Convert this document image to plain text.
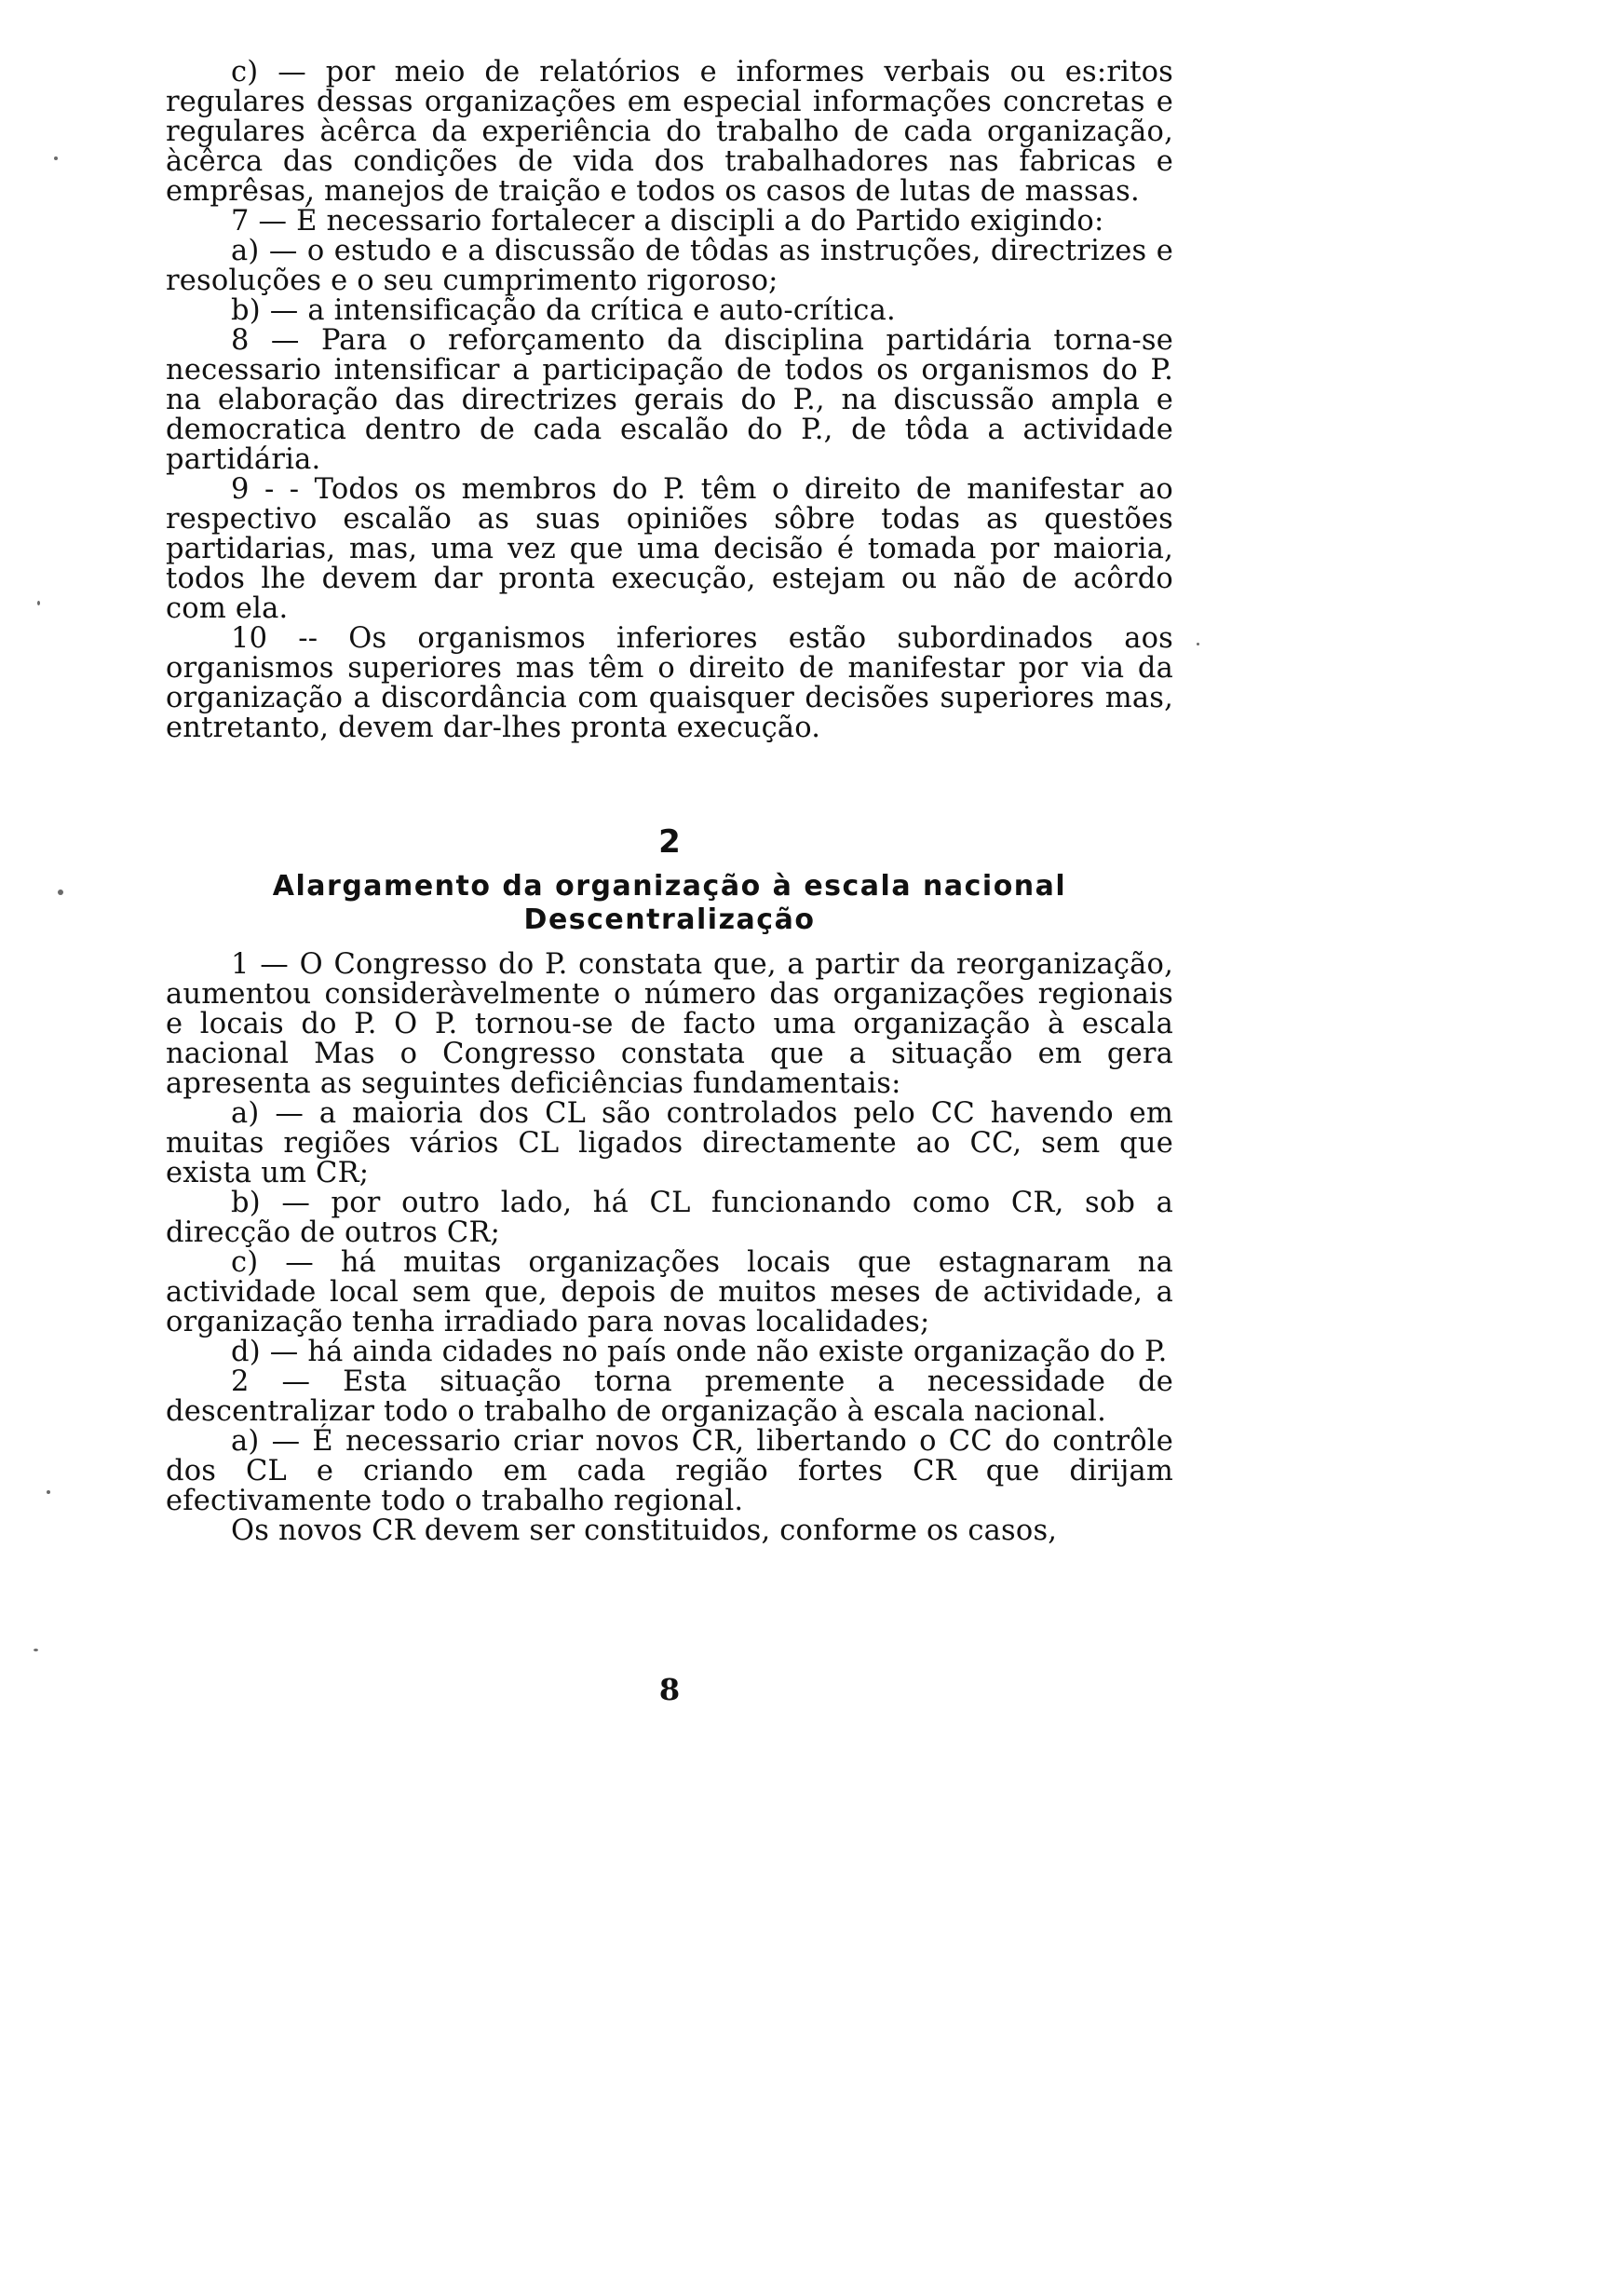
c) — por meio de relatórios e informes verbais ou es:ritos regulares dessas organizações em especial informações concretas e regulares àcêrca da experiência do trabalho de cada organização, àcêrca das condições de vida dos trabalhadores nas fabricas e emprêsas, manejos de traição e todos os casos de lutas de massas.

7 — É necessario fortalecer a discipli a do Partido exigindo:

a) — o estudo e a discussão de tôdas as instruções, directrizes e resoluções e o seu cumprimento rigoroso;

b) — a intensificação da crítica e auto-crítica.

8 — Para o reforçamento da disciplina partidária torna-se necessario intensificar a participação de todos os organismos do P. na elaboração das directrizes gerais do P., na discussão ampla e democratica dentro de cada escalão do P., de tôda a actividade partidária.

9 - - Todos os membros do P. têm o direito de manifestar ao respectivo escalão as suas opiniões sôbre todas as questões partidarias, mas, uma vez que uma decisão é tomada por maioria, todos lhe devem dar pronta execução, estejam ou não de acôrdo com ela.

10 -- Os organismos inferiores estão subordinados aos organismos superiores mas têm o direito de manifestar por via da organização a discordância com quaisquer decisões superiores mas, entretanto, devem dar-lhes pronta execução.

2
Alargamento da organização à escala nacional
Descentralização

1 — O Congresso do P. constata que, a partir da reorganização, aumentou consideràvelmente o número das organizações regionais e locais do P. O P. tornou-se de facto uma organização à escala nacional Mas o Congresso constata que a situação em gera apresenta as seguintes deficiências fundamentais:

a) — a maioria dos CL são controlados pelo CC havendo em muitas regiões vários CL ligados directamente ao CC, sem que exista um CR;

b) — por outro lado, há CL funcionando como CR, sob a direcção de outros CR;

c) — há muitas organizações locais que estagnaram na actividade local sem que, depois de muitos meses de actividade, a organização tenha irradiado para novas localidades;

d) — há ainda cidades no país onde não existe organização do P.

2 — Esta situação torna premente a necessidade de descentralizar todo o trabalho de organização à escala nacional.

a) — É necessario criar novos CR, libertando o CC do contrôle dos CL e criando em cada região fortes CR que dirijam efectivamente todo o trabalho regional.

Os novos CR devem ser constituidos, conforme os casos,

8
